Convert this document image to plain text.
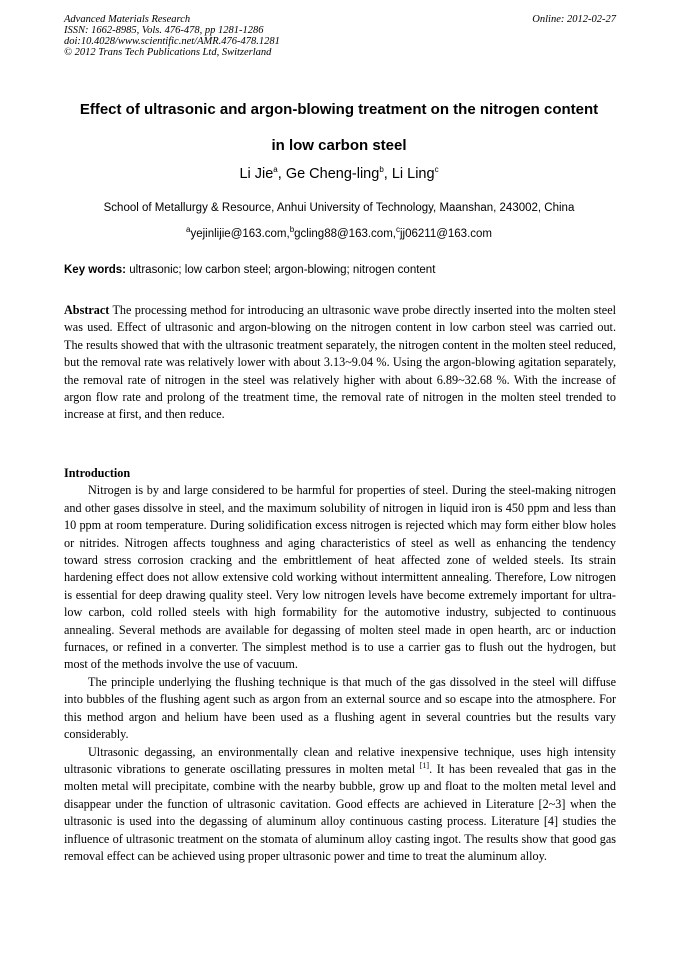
Advanced Materials Research
ISSN: 1662-8985, Vols. 476-478, pp 1281-1286
doi:10.4028/www.scientific.net/AMR.476-478.1281
© 2012 Trans Tech Publications Ltd, Switzerland
Online: 2012-02-27
Effect of ultrasonic and argon-blowing treatment on the nitrogen content
in low carbon steel
Li Jie$^a$, Ge Cheng-ling$^b$, Li Ling$^c$
School of Metallurgy & Resource, Anhui University of Technology, Maanshan, 243002, China
$^a$yejinlijie@163.com,$^b$gcling88@163.com,$^c$jj06211@163.com
Key words: ultrasonic; low carbon steel; argon-blowing; nitrogen content

Abstract The processing method for introducing an ultrasonic wave probe directly inserted into the molten steel was used. Effect of ultrasonic and argon-blowing on the nitrogen content in low carbon steel was carried out. The results showed that with the ultrasonic treatment separately, the nitrogen content in the molten steel reduced, but the removal rate was relatively lower with about 3.13~9.04 %. Using the argon-blowing agitation separately, the removal rate of nitrogen in the steel was relatively higher with about 6.89~32.68 %. With the increase of argon flow rate and prolong of the treatment time, the removal rate of nitrogen in the molten steel trended to increase at first, and then reduce.

Introduction

Nitrogen is by and large considered to be harmful for properties of steel. During the steel-making nitrogen and other gases dissolve in steel, and the maximum solubility of nitrogen in liquid iron is 450 ppm and less than 10 ppm at room temperature. During solidification excess nitrogen is rejected which may form either blow holes or nitrides. Nitrogen affects toughness and aging characteristics of steel as well as enhancing the tendency toward stress corrosion cracking and the embrittlement of heat affected zone of welded steels. Its strain hardening effect does not allow extensive cold working without intermittent annealing. Therefore, Low nitrogen is essential for deep drawing quality steel. Very low nitrogen levels have become extremely important for ultra-low carbon, cold rolled steels with high formability for the automotive industry, subjected to continuous annealing. Several methods are available for degassing of molten steel made in open hearth, arc or induction furnaces, or refined in a converter. The simplest method is to use a carrier gas to flush out the hydrogen, but most of the methods involve the use of vacuum.

The principle underlying the flushing technique is that much of the gas dissolved in the steel will diffuse into bubbles of the flushing agent such as argon from an external source and so escape into the atmosphere. For this method argon and helium have been used as a flushing agent in several countries but the results vary considerably.

Ultrasonic degassing, an environmentally clean and relative inexpensive technique, uses high intensity ultrasonic vibrations to generate oscillating pressures in molten metal [1]. It has been revealed that gas in the molten metal will precipitate, combine with the nearby bubble, grow up and float to the molten metal level and disappear under the function of ultrasonic cavitation. Good effects are achieved in Literature [2~3] when the ultrasonic is used into the degassing of aluminum alloy continuous casting process. Literature [4] studies the influence of ultrasonic treatment on the stomata of aluminum alloy casting ingot. The results show that good gas removal effect can be achieved using proper ultrasonic power and time to treat the aluminum alloy.
